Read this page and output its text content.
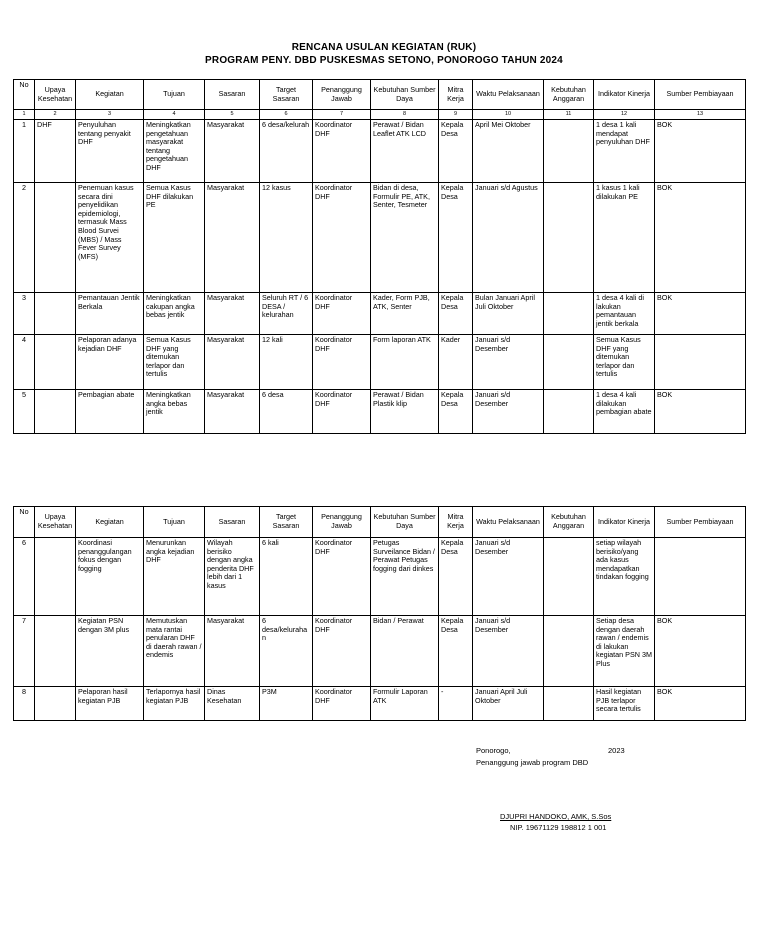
RENCANA USULAN KEGIATAN (RUK)
PROGRAM PENY. DBD PUSKESMAS SETONO, PONOROGO TAHUN 2024
No	Upaya Kesehatan	Kegiatan	Tujuan	Sasaran	Target Sasaran	Penanggung Jawab	Kebutuhan Sumber Daya	Mitra Kerja	Waktu Pelaksanaan	Kebutuhan Anggaran	Indikator Kinerja	Sumber Pembiayaan
1	2	3	4	5	6	7	8	9	10	11	12	13
1	DHF	Penyuluhan tentang penyakit DHF	Meningkatkan pengetahuan masyarakat tentang pengetahuan DHF	Masyarakat	6 desa/kelurah	Koordinator DHF	Perawat / Bidan Leaflet ATK LCD	Kepala Desa	April Mei Oktober		1 desa 1 kali mendapat penyuluhan DHF	BOK
2		Penemuan kasus secara dini penyelidikan epidemiologi, termasuk Mass Blood Survei (MBS) / Mass Fever Survey (MFS)	Semua Kasus DHF dilakukan PE	Masyarakat	12 kasus	Koordinator DHF	Bidan di desa, Formulir PE, ATK, Senter, Tesmeter	Kepala Desa	Januari s/d Agustus		1 kasus 1 kali dilakukan PE	BOK
3		Pemantauan Jentik Berkala	Meningkatkan cakupan angka bebas jentik	Masyarakat	Seluruh RT / 6 DESA / kelurahan	Koordinator DHF	Kader, Form PJB, ATK, Senter	Kepala Desa	Bulan Januari April Juli Oktober		1 desa 4 kali di lakukan pemantauan jentik berkala	BOK
4		Pelaporan adanya kejadian DHF	Semua Kasus DHF yang ditemukan terlapor dan tertulis	Masyarakat	12 kali	Koordinator DHF	Form laporan ATK	Kader	Januari s/d Desember		Semua Kasus DHF yang ditemukan terlapor dan tertulis	
5		Pembagian abate	Meningkatkan angka bebas jentik	Masyarakat	6 desa	Koordinator DHF	Perawat / Bidan Plastik klip	Kepala Desa	Januari s/d Desember		1 desa 4 kali dilakukan pembagian abate	BOK
No	Upaya Kesehatan	Kegiatan	Tujuan	Sasaran	Target Sasaran	Penanggung Jawab	Kebutuhan Sumber Daya	Mitra Kerja	Waktu Pelaksanaan	Kebutuhan Anggaran	Indikator Kinerja	Sumber Pembiayaan
6		Koordinasi penanggulangan fokus dengan fogging	Menurunkan angka kejadian DHF	Wilayah berisiko dengan angka penderita DHF lebih dari 1 kasus	6 kali	Koordinator DHF	Petugas Surveilance Bidan / Perawat Petugas fogging dari dinkes	Kepala Desa	Januari s/d Desember		setiap wilayah berisiko/yang ada kasus mendapatkan tindakan fogging	
7		Kegiatan PSN dengan 3M plus	Memutuskan mata rantai penularan DHF di daerah rawan / endemis	Masyarakat	6 desa/kelurahan	Koordinator DHF	Bidan / Perawat	Kepala Desa	Januari s/d Desember		Setiap desa dengan daerah rawan / endemis di lakukan kegiatan PSN 3M Plus	BOK
8		Pelaporan hasil kegiatan PJB	Terlapornya hasil kegiatan PJB	Dinas Kesehatan	P3M	Koordinator DHF	Formulir Laporan ATK	-	Januari April Juli Oktober		Hasil kegiatan PJB terlapor secara tertulis	BOK
Ponorogo,	2023
Penanggung jawab program DBD
DJUPRI HANDOKO, AMK, S.Sos
NIP. 19671129 198812 1 001
